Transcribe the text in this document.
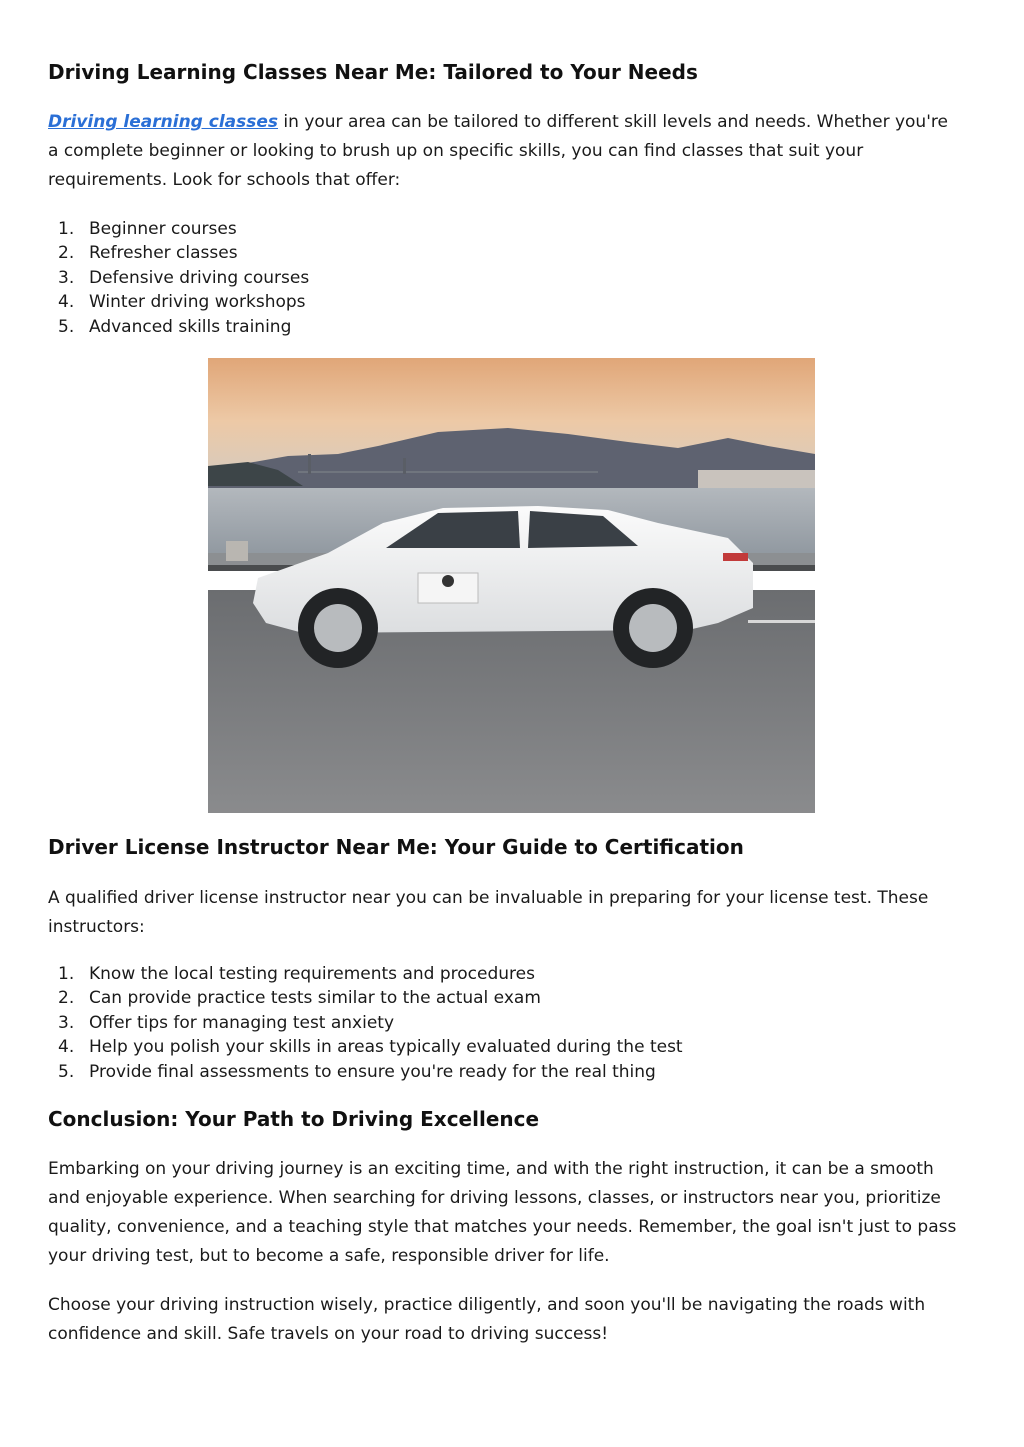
Driving Learning Classes Near Me: Tailored to Your Needs

Driving learning classes in your area can be tailored to different skill levels and needs. Whether you're a complete beginner or looking to brush up on specific skills, you can find classes that suit your requirements. Look for schools that offer:

1. Beginner courses
2. Refresher classes
3. Defensive driving courses
4. Winter driving workshops
5. Advanced skills training
Driver License Instructor Near Me: Your Guide to Certification

A qualified driver license instructor near you can be invaluable in preparing for your license test. These instructors:

1. Know the local testing requirements and procedures
2. Can provide practice tests similar to the actual exam
3. Offer tips for managing test anxiety
4. Help you polish your skills in areas typically evaluated during the test
5. Provide final assessments to ensure you're ready for the real thing
Conclusion: Your Path to Driving Excellence

Embarking on your driving journey is an exciting time, and with the right instruction, it can be a smooth and enjoyable experience. When searching for driving lessons, classes, or instructors near you, prioritize quality, convenience, and a teaching style that matches your needs. Remember, the goal isn't just to pass your driving test, but to become a safe, responsible driver for life.

Choose your driving instruction wisely, practice diligently, and soon you'll be navigating the roads with confidence and skill. Safe travels on your road to driving success!
